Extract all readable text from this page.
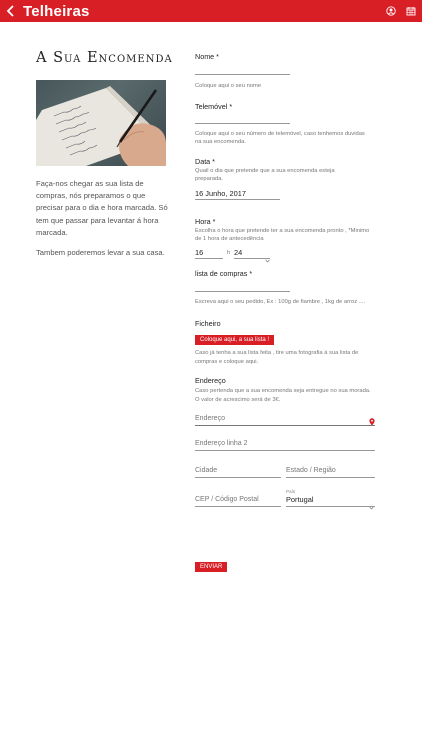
Telheiras
A Sua Encomenda
Faça-nos chegar as sua lista de compras, nós preparamos o que precisar para o dia e hora marcada. Só tem que passar para levantar á hora marcada.
Tambem poderemos levar a sua casa.
Nome *
Coloque aqui o seu nome
Telemóvel *
Coloque aqui o seu número de telemóvel, caso tenhemos duvidas na sua encomenda.
Data *
Quail o dia que pretende que a sua encomenda esteja preparada.
16 Junho, 2017
Hora *
Escolha o hora que pretende ter a sua encomenda pronto , *Minimo de 1 hora de antecedência
16	h 24
lista de compras *
Escreva aqui o seu pedido, Ex : 100g de fiambre , 1kg de arroz ....
Ficheiro
Coloque aqui, a sua lista !
Caso já tenha a sua lista feita , tire uma fotografia á sua lista de compras e coloque aqui.
Endereço
Caso pertenda que a sua encomenda seja entregue no sua morada. O valor de acrescimo será de 3€.
Endereço
Endereço linha 2
Cidade	Estado / Região
CEP / Código Postal
País
Portugal
ENVIAR
